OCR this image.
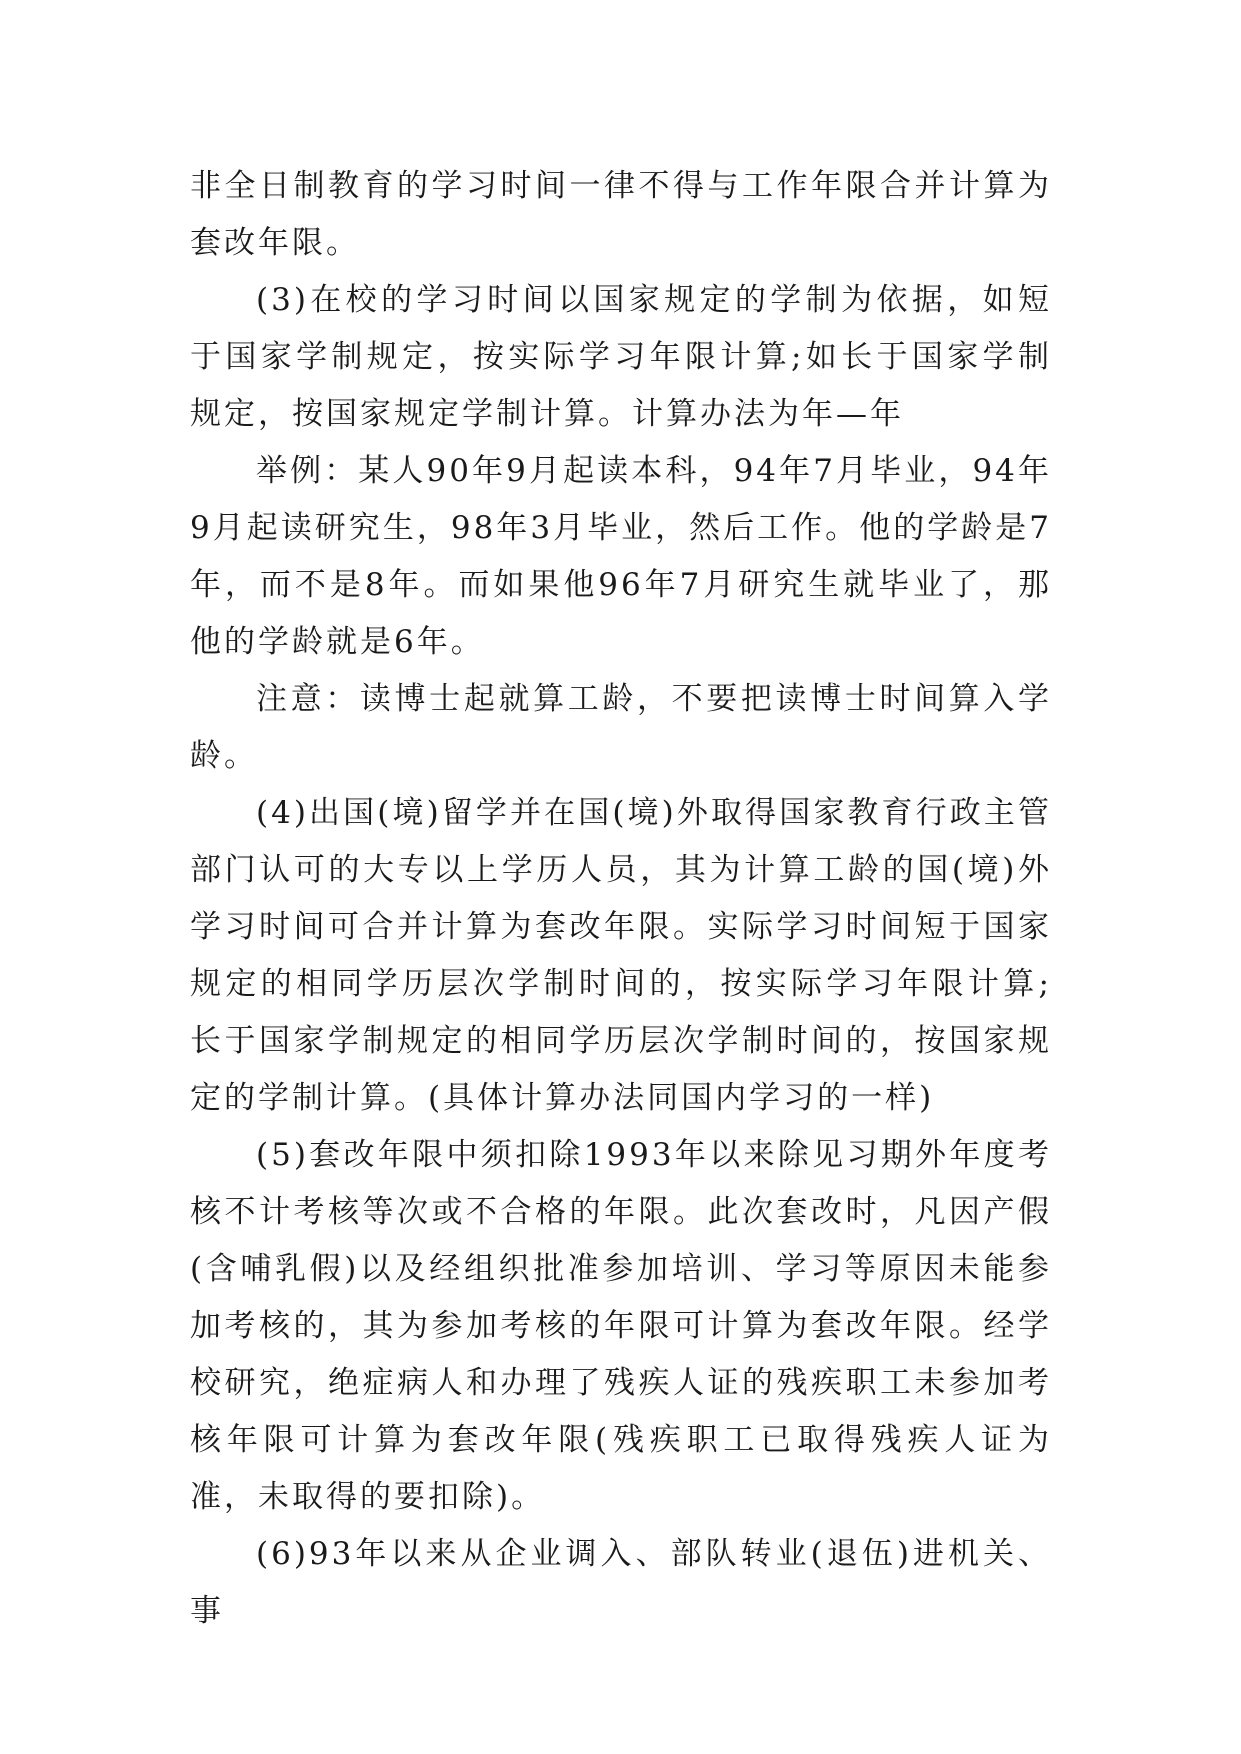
非全日制教育的学习时间一律不得与工作年限合并计算为套改年限。

(3)在校的学习时间以国家规定的学制为依据，如短于国家学制规定，按实际学习年限计算;如长于国家学制规定，按国家规定学制计算。计算办法为年—年

举例：某人90年9月起读本科，94年7月毕业，94年9月起读研究生，98年3月毕业，然后工作。他的学龄是7年，而不是8年。而如果他96年7月研究生就毕业了，那他的学龄就是6年。

注意：读博士起就算工龄，不要把读博士时间算入学龄。

(4)出国(境)留学并在国(境)外取得国家教育行政主管部门认可的大专以上学历人员，其为计算工龄的国(境)外学习时间可合并计算为套改年限。实际学习时间短于国家规定的相同学历层次学制时间的，按实际学习年限计算;长于国家学制规定的相同学历层次学制时间的，按国家规定的学制计算。(具体计算办法同国内学习的一样)

(5)套改年限中须扣除1993年以来除见习期外年度考核不计考核等次或不合格的年限。此次套改时，凡因产假(含哺乳假)以及经组织批准参加培训、学习等原因未能参加考核的，其为参加考核的年限可计算为套改年限。经学校研究，绝症病人和办理了残疾人证的残疾职工未参加考核年限可计算为套改年限(残疾职工已取得残疾人证为准，未取得的要扣除)。

(6)93年以来从企业调入、部队转业(退伍)进机关、事
